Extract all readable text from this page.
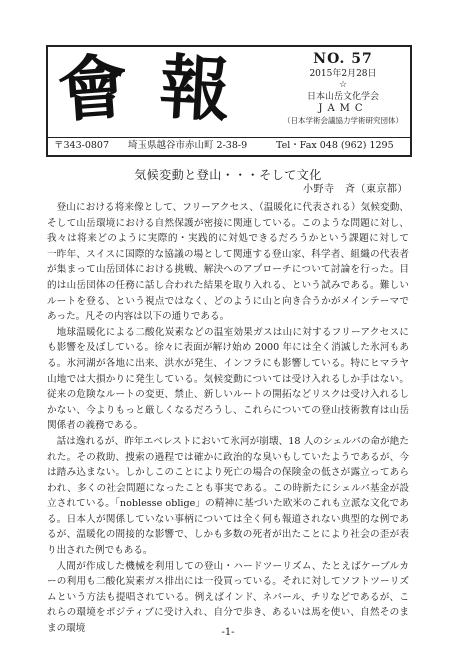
會 報	NO. 57
2015年2月28日
☆
日本山岳文化学会
JAMC
（日本学術会議協力学術研究団体）
〒343-0807 埼玉県越谷市赤山町 2-38-9	Tel・Fax 048 (962) 1295
気候変動と登山・・・そして文化
小野寺　斉（東京都）

登山における将来像として、フリーアクセス、（温暖化に代表される）気候変動、そして山岳環境における自然保護が密接に関連している。このような問題に対し、我々は将来どのように実際的・実践的に対処できるだろうかという課題に対して　一昨年、スイスに国際的な協議の場として関連する登山家、科学者、組織の代表者が集まって山岳団体における挑戦、解決へのアプローチについて討論を行った。目的は山岳団体の任務に話し合われた結果を取り入れる、という試みである。難しいルートを登る、という視点ではなく、どのように山と向き合うかがメインテーマであった。凡その内容は以下の通りである。

地球温暖化による二酸化炭素などの温室効果ガスは山に対するフリーアクセスにも影響を及ぼしている。徐々に表面が解け始め 2000 年には全く消滅した氷河もある。氷河湖が各地に出来、洪水が発生、インフラにも影響している。特にヒマラヤ山地では大損かりに発生している。気候変動については受け入れるしか手はない。従来の危険なルートの変更、禁止、新しいルートの開拓などリスクは受け入れるしかない、今よりもっと厳しくなるだろうし、これらについての登山技術教育は山岳関係者の義務である。

話は逸れるが、昨年エベレストにおいて氷河が崩壊、18 人のシェルパの命が絶たれた。その救助、捜索の過程では確かに政治的な臭いもしていたようであるが、今は踏み込まない。しかしこのことにより死亡の場合の保険金の低さが露立ってあらわれ、多くの社会問題になったことも事実である。この時新たにシェルパ基金が設立されている。「noblesse oblige」の精神に基づいた欧米のこれも立派な文化である。日本人が関係していない事柄については全く何も報道されない典型的な例であるが、温暖化の間接的な影響で、しかも多数の死者が出たことにより社会の歪が表り出された例でもある。

人間が作成した機械を利用しての登山・ハードツーリズム、たとえばケーブルカーの利用も二酸化炭素ガス排出には一役買っている。それに対してソフトツーリズムという方法も提唱されている。例えばインド、ネパール、チリなどであるが、これらの環境をポジティブに受け入れ、自分で歩き、あるいは馬を使い、自然そのままの環境	-1-
